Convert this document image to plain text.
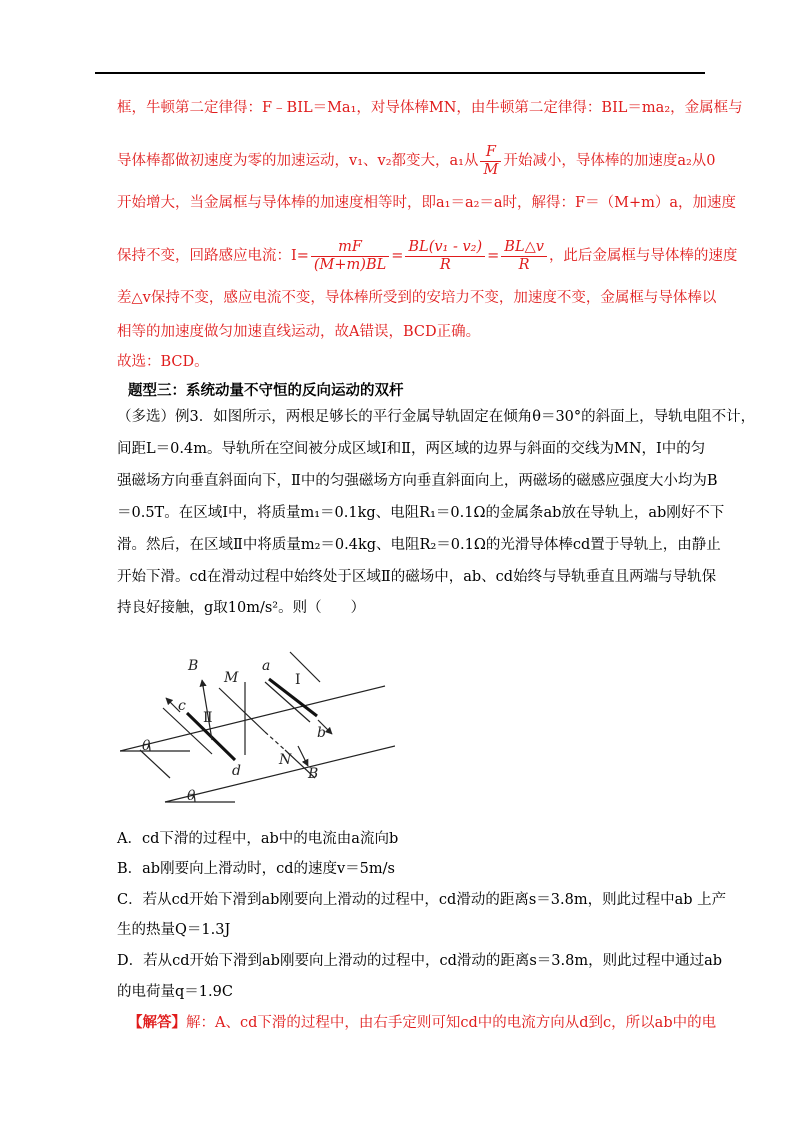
框，牛顿第二定律得：F﹣BIL＝Ma₁，对导体棒MN，由牛顿第二定律得：BIL＝ma₂，金属框与
导体棒都做初速度为零的加速运动，v₁、v₂都变大，a₁从 $\frac{F}{M}$ 开始减小，导体棒的加速度a₂从0
开始增大，当金属框与导体棒的加速度相等时，即a₁＝a₂＝a时，解得：F＝（M+m）a，加速度
保持不变，回路感应电流：$I= \frac{mF}{(M+m)BL} = \frac{\text{BL(v₁ - v₂)}}{R} = \frac{BL\triangle v}{R}$ ，此后金属框与导体棒的速度
差△v保持不变，感应电流不变，导体棒所受到的安培力不变，加速度不变，金属框与导体棒以
相等的加速度做匀加速直线运动，故A错误，BCD正确。
故选：BCD。
题型三：系统动量不守恒的反向运动的双杆
（多选）例3．如图所示，两根足够长的平行金属导轨固定在倾角θ＝30°的斜面上，导轨电阻不计，
间距L＝0.4m。导轨所在空间被分成区域Ⅰ和Ⅱ，两区域的边界与斜面的交线为MN，Ⅰ中的匀
强磁场方向垂直斜面向下，Ⅱ中的匀强磁场方向垂直斜面向上，两磁场的磁感应强度大小均为B
＝0.5T。在区域Ⅰ中，将质量m₁＝0.1kg、电阻R₁＝0.1Ω的金属条ab放在导轨上，ab刚好不下
滑。然后，在区域Ⅱ中将质量m₂＝0.4kg、电阻R₂＝0.1Ω的光滑导体棒cd置于导轨上，由静止
开始下滑。cd在滑动过程中始终处于区域Ⅱ的磁场中，ab、cd始终与导轨垂直且两端与导轨保
持良好接触，g取10m/s²。则（　　）
B
M
a
Ⅰ
c
Ⅱ
b
θ
d
N
B
θ
A．cd下滑的过程中，ab中的电流由a流向b
B．ab刚要向上滑动时，cd的速度v＝5m/s
C．若从cd开始下滑到ab刚要向上滑动的过程中，cd滑动的距离s＝3.8m，则此过程中ab 上产
生的热量Q＝1.3J
D．若从cd开始下滑到ab刚要向上滑动的过程中，cd滑动的距离s＝3.8m，则此过程中通过ab
的电荷量q＝1.9C
【解答】解：A、cd下滑的过程中，由右手定则可知cd中的电流方向从d到c，所以ab中的电
